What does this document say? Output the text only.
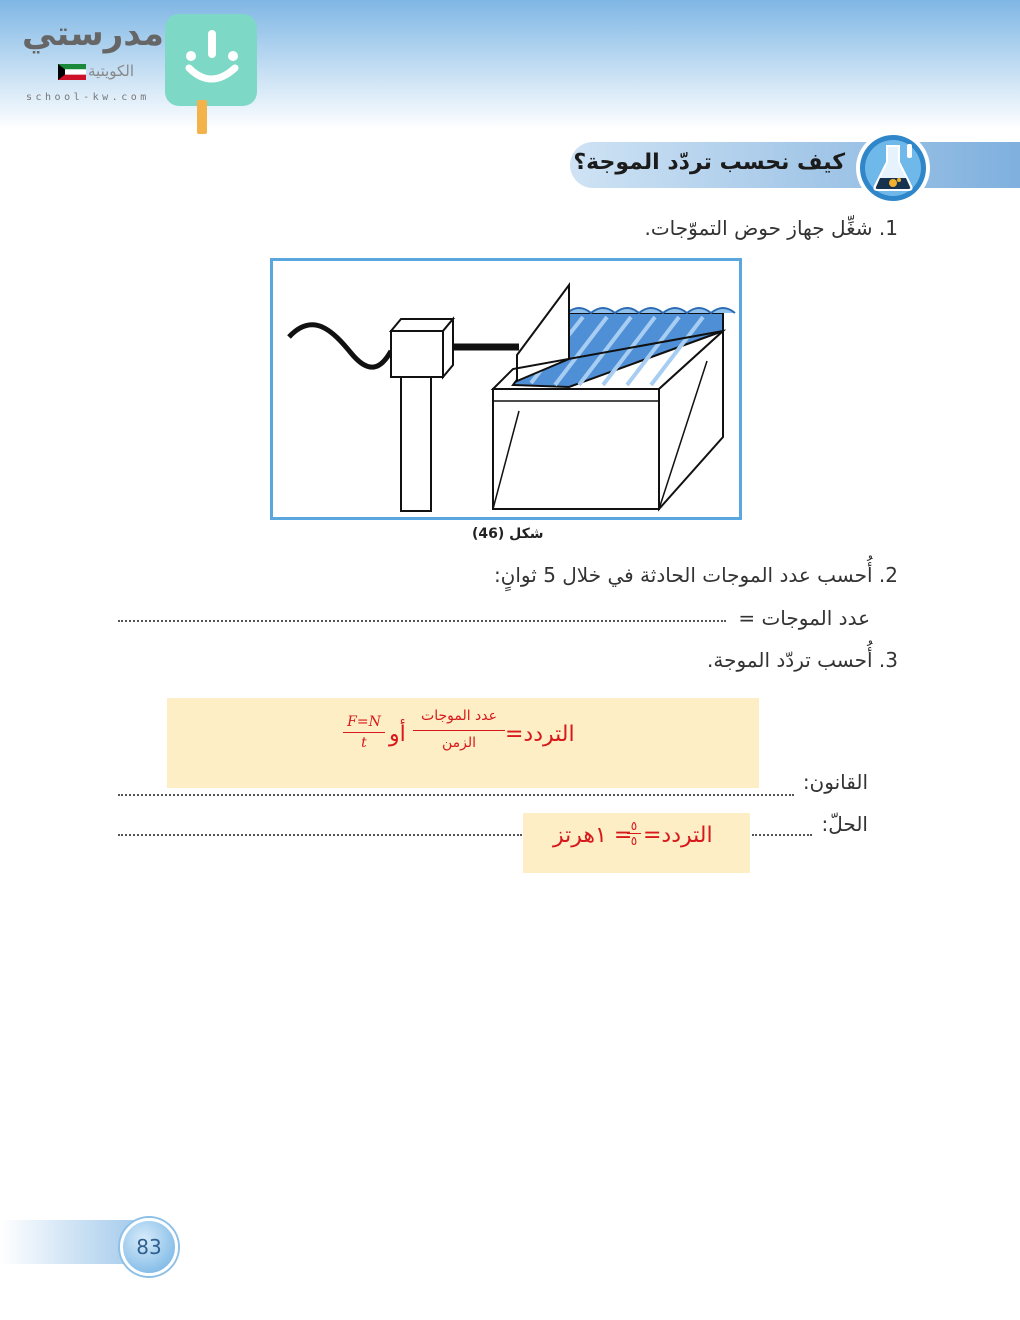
مدرستي
الكويتية
school-kw.com
كيف نحسب تردّد الموجة؟
1. شغِّل جهاز حوض التموّجات.
شكل (46)
2. أُحسب عدد الموجات الحادثة في خلال 5 ثوانٍ:
عدد الموجات =
3. أُحسب تردّد الموجة.
التردد=
عدد الموجات
الزمن
أو
F=N
t
القانون:
الحلّ:
التردد=
٥
٥
= ١هرتز
83
